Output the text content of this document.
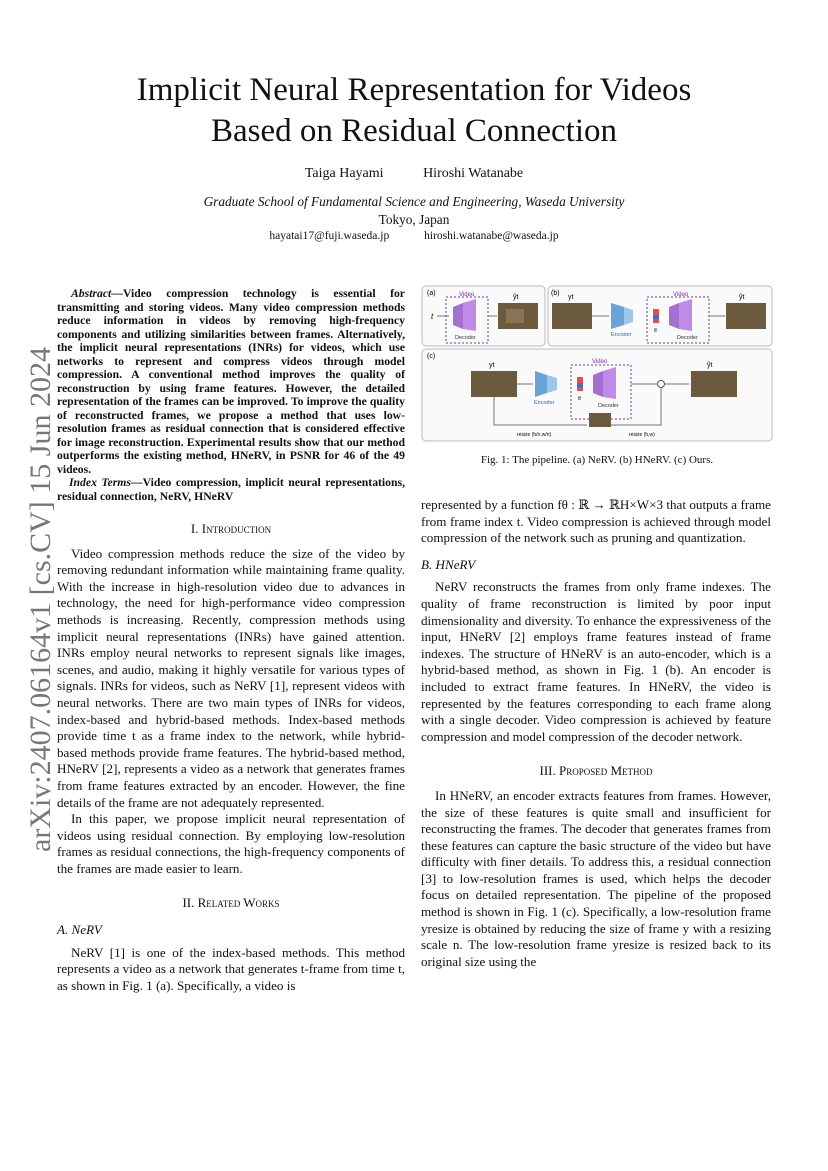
arXiv:2407.06164v1 [cs.CV] 15 Jun 2024
Implicit Neural Representation for Videos
Based on Residual Connection
Taiga Hayami	Hiroshi Watanabe
Graduate School of Fundamental Science and Engineering, Waseda University
Tokyo, Japan
hayatai17@fuji.waseda.jp	hiroshi.watanabe@waseda.jp

Abstract—Video compression technology is essential for transmitting and storing videos. Many video compression methods reduce information in videos by removing high-frequency components and utilizing similarities between frames. Alternatively, the implicit neural representations (INRs) for videos, which use networks to represent and compress videos through model compression. A conventional method improves the quality of reconstruction by using frame features. However, the detailed representation of the frames can be improved. To improve the quality of reconstructed frames, we propose a method that uses low-resolution frames as residual connection that is considered effective for image reconstruction. Experimental results show that our method outperforms the existing method, HNeRV, in PSNR for 46 of the 49 videos.

Index Terms—Video compression, implicit neural representations, residual connection, NeRV, HNeRV

I. Introduction

Video compression methods reduce the size of the video by removing redundant information while maintaining frame quality. With the increase in high-resolution video due to advances in technology, the need for high-performance video compression methods is increasing. Recently, compression methods using implicit neural representations (INRs) have gained attention. INRs employ neural networks to represent signals like images, scenes, and audio, making it highly versatile for various types of signals. INRs for videos, such as NeRV [1], represent videos with neural networks. There are two main types of INRs for videos, index-based and hybrid-based methods. Index-based methods provide time t as a frame index to the network, while hybrid-based methods provide frame features. The hybrid-based method, HNeRV [2], represents a video as a network that generates frames from frame features extracted by an encoder. However, the fine details of the frame are not adequately represented.

In this paper, we propose implicit neural representation of videos using residual connection. By employing low-resolution frames as residual connections, the high-frequency components of the frames are made easier to learn.

II. Related Works
A. NeRV

NeRV [1] is one of the index-based methods. This method represents a video as a network that generates t-frame from time t, as shown in Fig. 1 (a). Specifically, a video is

(a)
t
Video
Decoder
ỹt
(b)
yt
Encoder
Video
ft
Decoder
ỹt
(c)
yt
Encoder
Video
ft
Decoder
ỹt
resize (h/n,w/n)	resize (h,w)
Fig. 1: The pipeline. (a) NeRV. (b) HNeRV. (c) Ours.

represented by a function fθ : ℝ → ℝH×W×3 that outputs a frame from frame index t. Video compression is achieved through model compression of the network such as pruning and quantization.

B. HNeRV

NeRV reconstructs the frames from only frame indexes. The quality of frame reconstruction is limited by poor input dimensionality and diversity. To enhance the expressiveness of the input, HNeRV [2] employs frame features instead of frame indexes. The structure of HNeRV is an auto-encoder, which is a hybrid-based method, as shown in Fig. 1 (b). An encoder is included to extract frame features. In HNeRV, the video is represented by the features corresponding to each frame along with a single decoder. Video compression is achieved by feature compression and model compression of the decoder network.

III. Proposed Method

In HNeRV, an encoder extracts features from frames. However, the size of these features is quite small and insufficient for reconstructing the frames. The decoder that generates frames from these features can capture the basic structure of the video but have difficulty with finer details. To address this, a residual connection [3] to low-resolution frames is used, which helps the decoder focus on detailed representation. The pipeline of the proposed method is shown in Fig. 1 (c). Specifically, a low-resolution frame yresize is obtained by reducing the size of frame y with a resizing scale n. The low-resolution frame yresize is resized back to its original size using the
